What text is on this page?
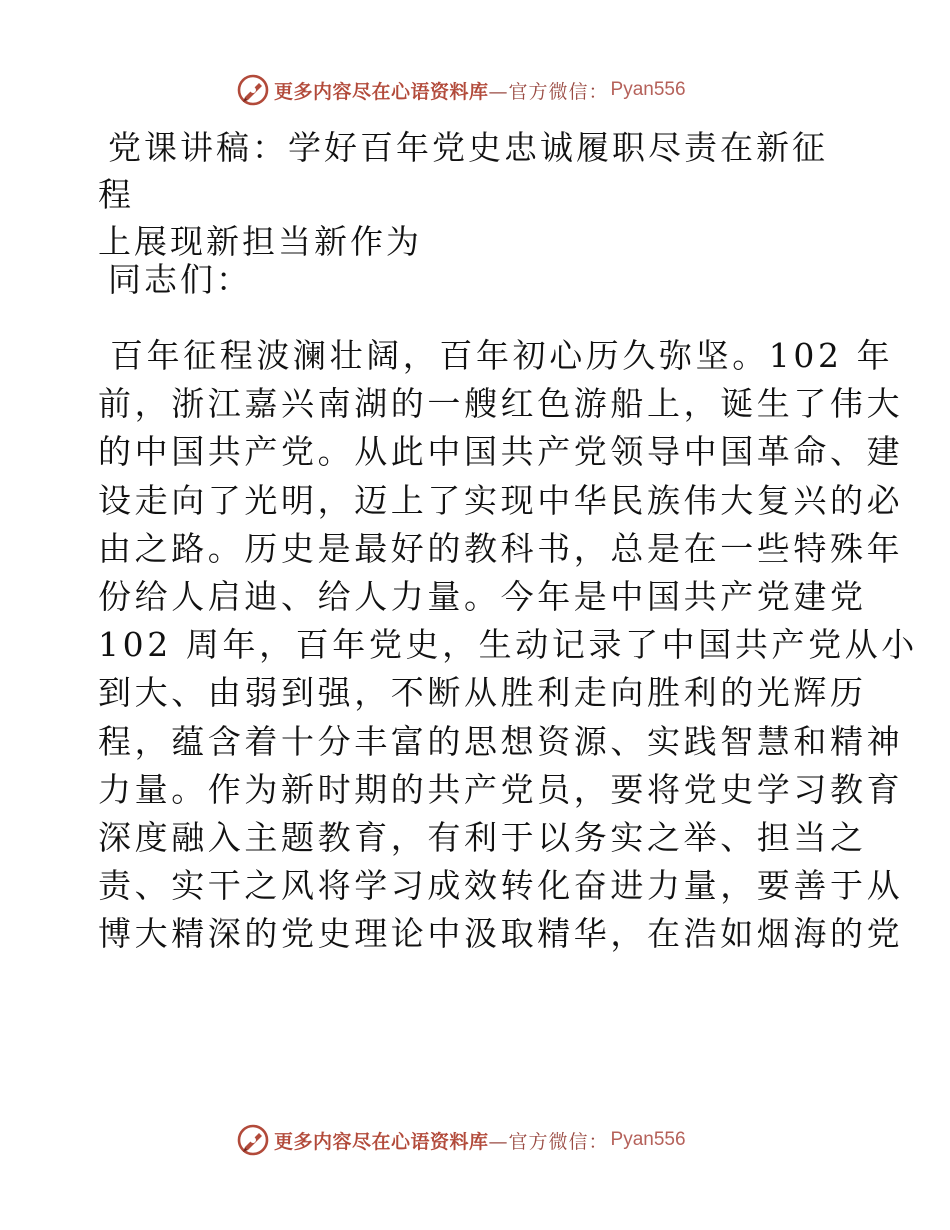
更多内容尽在心语资料库 —官方微信： Pyan556
党课讲稿：学好百年党史忠诚履职尽责在新征程
上展现新担当新作为
同志们：
百年征程波澜壮阔，百年初心历久弥坚。102 年
前，浙江嘉兴南湖的一艘红色游船上，诞生了伟大
的中国共产党。从此中国共产党领导中国革命、建
设走向了光明，迈上了实现中华民族伟大复兴的必
由之路。历史是最好的教科书，总是在一些特殊年
份给人启迪、给人力量。今年是中国共产党建党
102 周年，百年党史，生动记录了中国共产党从小
到大、由弱到强，不断从胜利走向胜利的光辉历
程，蕴含着十分丰富的思想资源、实践智慧和精神
力量。作为新时期的共产党员，要将党史学习教育
深度融入主题教育，有利于以务实之举、担当之
责、实干之风将学习成效转化奋进力量，要善于从
博大精深的党史理论中汲取精华，在浩如烟海的党
更多内容尽在心语资料库 —官方微信： Pyan556
